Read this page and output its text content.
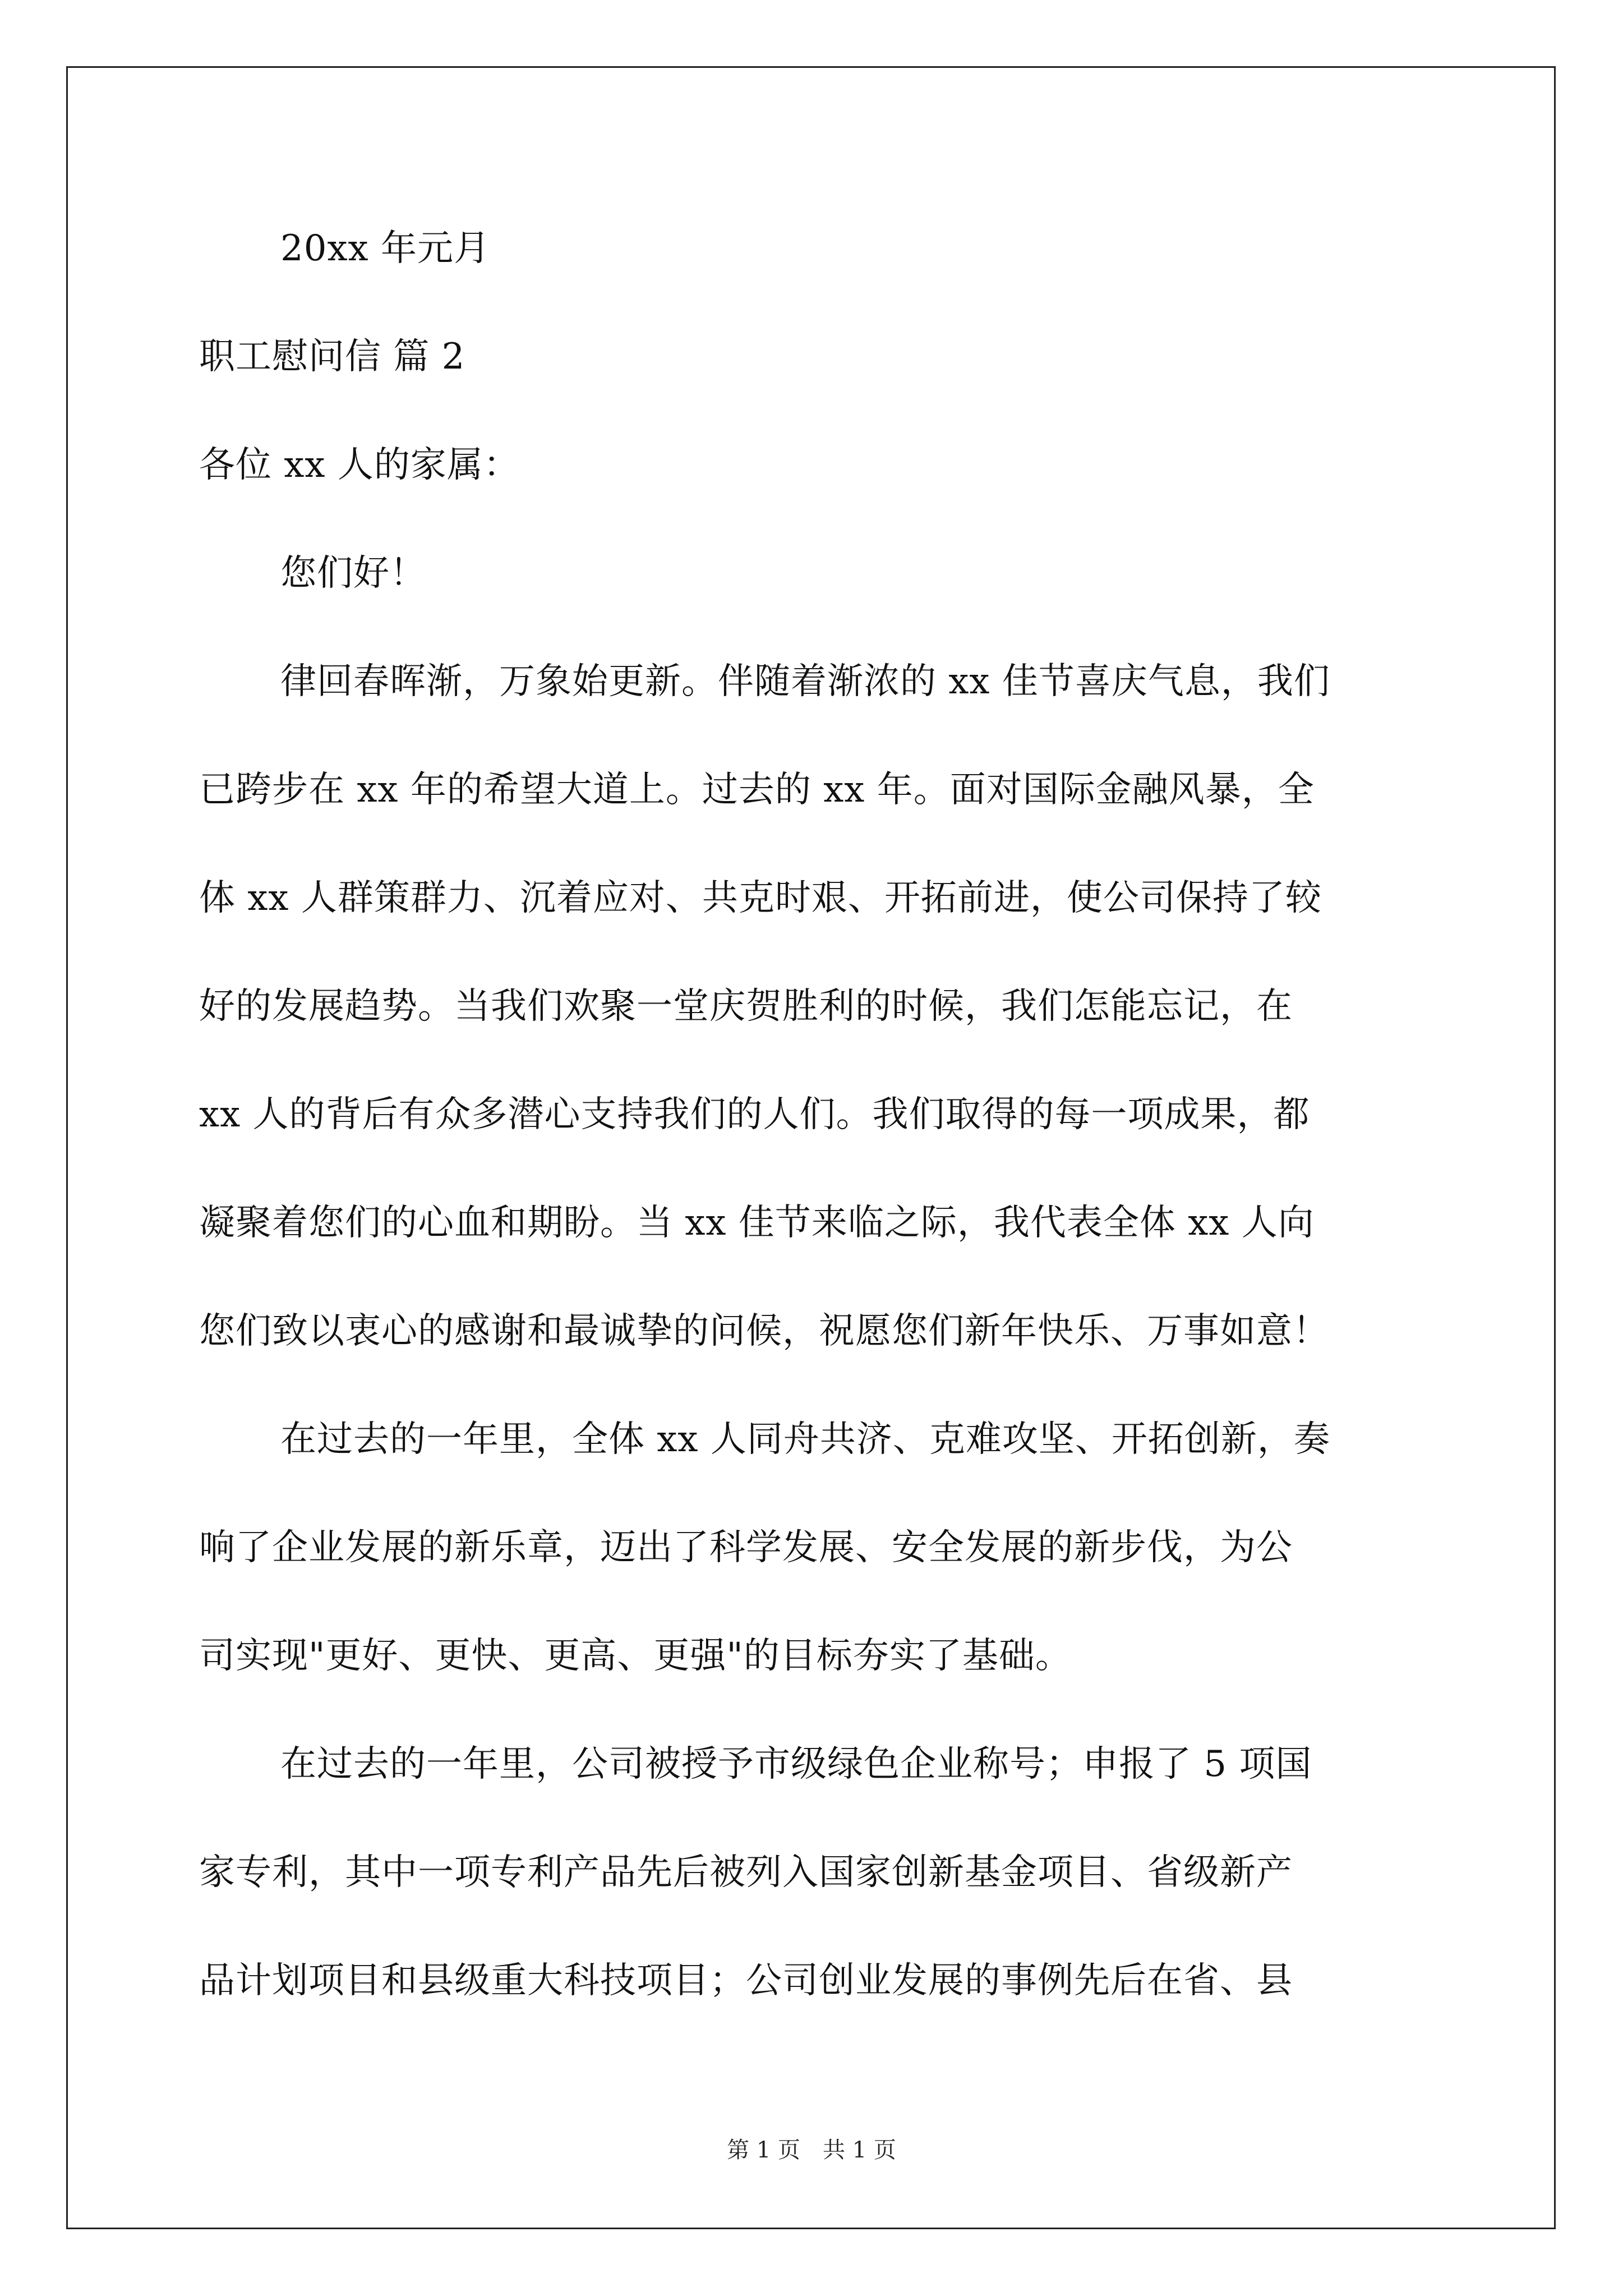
20xx 年元月
职工慰问信 篇 2
各位 xx 人的家属：
您们好！
律回春晖渐，万象始更新。伴随着渐浓的 xx 佳节喜庆气息，我们
已跨步在 xx 年的希望大道上。过去的 xx 年。面对国际金融风暴，全
体 xx 人群策群力、沉着应对、共克时艰、开拓前进，使公司保持了较
好的发展趋势。当我们欢聚一堂庆贺胜利的时候，我们怎能忘记，在
xx 人的背后有众多潜心支持我们的人们。我们取得的每一项成果，都
凝聚着您们的心血和期盼。当 xx 佳节来临之际，我代表全体 xx 人向
您们致以衷心的感谢和最诚挚的问候，祝愿您们新年快乐、万事如意！
在过去的一年里，全体 xx 人同舟共济、克难攻坚、开拓创新，奏
响了企业发展的新乐章，迈出了科学发展、安全发展的新步伐，为公
司实现"更好、更快、更高、更强"的目标夯实了基础。
在过去的一年里，公司被授予市级绿色企业称号；申报了 5 项国
家专利，其中一项专利产品先后被列入国家创新基金项目、省级新产
品计划项目和县级重大科技项目；公司创业发展的事例先后在省、县
第 1 页　共 1 页
